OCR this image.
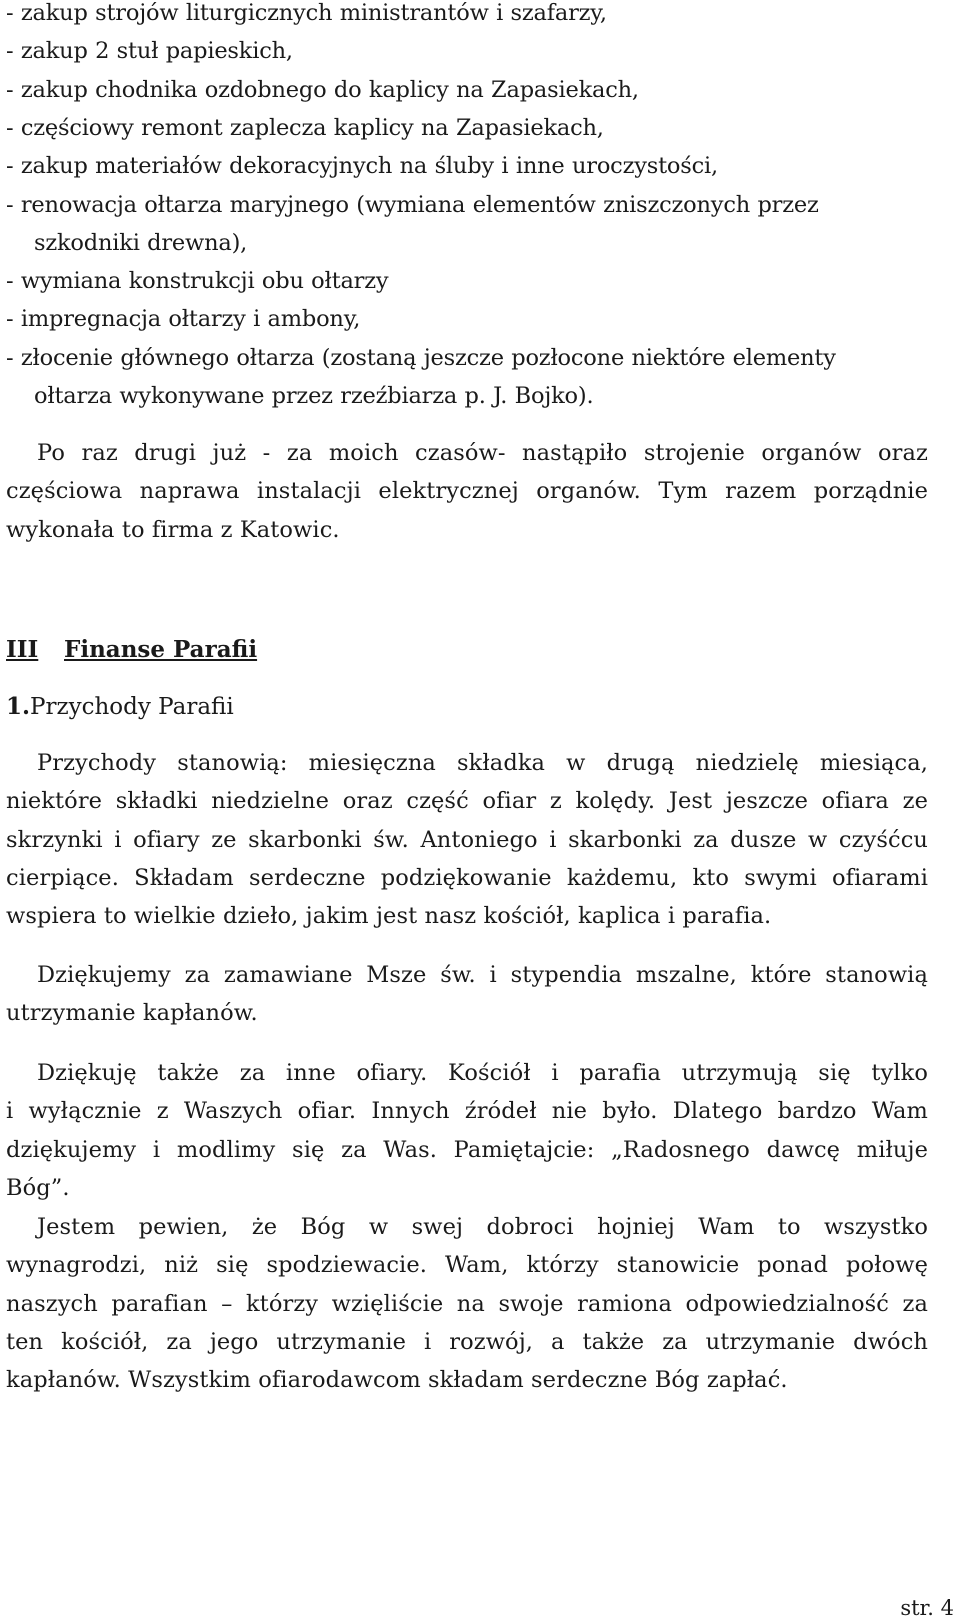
- zakup strojów liturgicznych ministrantów i szafarzy,
- zakup 2 stuł papieskich,
- zakup chodnika ozdobnego do kaplicy na Zapasiekach,
- częściowy remont zaplecza kaplicy na Zapasiekach,
- zakup materiałów dekoracyjnych na śluby i inne uroczystości,
- renowacja ołtarza maryjnego (wymiana elementów zniszczonych przez
szkodniki drewna),
- wymiana konstrukcji obu ołtarzy
- impregnacja ołtarzy i ambony,
- złocenie głównego ołtarza (zostaną jeszcze pozłocone niektóre elementy
ołtarza wykonywane przez rzeźbiarza p. J. Bojko).
Po raz drugi już - za moich czasów- nastąpiło strojenie organów oraz
częściowa naprawa instalacji elektrycznej organów. Tym razem porządnie
wykonała to firma z Katowic.
III Finanse Parafii
1.Przychody Parafii
Przychody stanowią: miesięczna składka w drugą niedzielę miesiąca,
niektóre składki niedzielne oraz część ofiar z kolędy. Jest jeszcze ofiara ze
skrzynki i ofiary ze skarbonki św. Antoniego i skarbonki za dusze w czyśćcu
cierpiące. Składam serdeczne podziękowanie każdemu, kto swymi ofiarami
wspiera to wielkie dzieło, jakim jest nasz kościół, kaplica i parafia.
Dziękujemy za zamawiane Msze św. i stypendia mszalne, które stanowią
utrzymanie kapłanów.
Dziękuję także za inne ofiary. Kościół i parafia utrzymują się tylko
i wyłącznie z Waszych ofiar. Innych źródeł nie było. Dlatego bardzo Wam
dziękujemy i modlimy się za Was. Pamiętajcie: „Radosnego dawcę miłuje
Bóg”.
Jestem pewien, że Bóg w swej dobroci hojniej Wam to wszystko
wynagrodzi, niż się spodziewacie. Wam, którzy stanowicie ponad połowę
naszych parafian – którzy wzięliście na swoje ramiona odpowiedzialność za
ten kościół, za jego utrzymanie i rozwój, a także za utrzymanie dwóch
kapłanów. Wszystkim ofiarodawcom składam serdeczne Bóg zapłać.
str. 4
